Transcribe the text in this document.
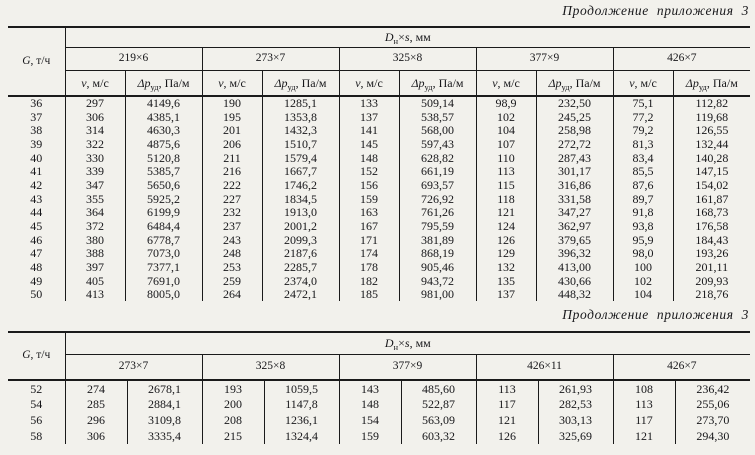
Продолжение приложения 3
G, т/ч	$D_н\times s$, мм									
	219×6		273×7		325×8		377×9		426×7	
	v, м/с	$\Delta p_{уд}$, Па/м	v, м/с	$\Delta p_{уд}$, Па/м	v, м/с	$\Delta p_{уд}$, Па/м	v, м/с	$\Delta p_{уд}$, Па/м	v, м/с	$\Delta p_{уд}$, Па/м
36	297	4149,6	190	1285,1	133	509,14	98,9	232,50	75,1	112,82
37	306	4385,1	195	1353,8	137	538,57	102	245,25	77,2	119,68
38	314	4630,3	201	1432,3	141	568,00	104	258,98	79,2	126,55
39	322	4875,6	206	1510,7	145	597,43	107	272,72	81,3	132,44
40	330	5120,8	211	1579,4	148	628,82	110	287,43	83,4	140,28
41	339	5385,7	216	1667,7	152	661,19	113	301,17	85,5	147,15
42	347	5650,6	222	1746,2	156	693,57	115	316,86	87,6	154,02
43	355	5925,2	227	1834,5	159	726,92	118	331,58	89,7	161,87
44	364	6199,9	232	1913,0	163	761,26	121	347,27	91,8	168,73
45	372	6484,4	237	2001,2	167	795,59	124	362,97	93,8	176,58
46	380	6778,7	243	2099,3	171	381,89	126	379,65	95,9	184,43
47	388	7073,0	248	2187,6	174	868,19	129	396,32	98,0	193,26
48	397	7377,1	253	2285,7	178	905,46	132	413,00	100	201,11
49	405	7691,0	259	2374,0	182	943,72	135	430,66	102	209,93
50	413	8005,0	264	2472,1	185	981,00	137	448,32	104	218,76
Продолжение приложения 3
G, т/ч	$D_н\times s$, мм									
	273×7		325×8		377×9		426×11		426×7	
52	274	2678,1	193	1059,5	143	485,60	113	261,93	108	236,42
54	285	2884,1	200	1147,8	148	522,87	117	282,53	113	255,06
56	296	3109,8	208	1236,1	154	563,09	121	303,13	117	273,70
58	306	3335,4	215	1324,4	159	603,32	126	325,69	121	294,30
